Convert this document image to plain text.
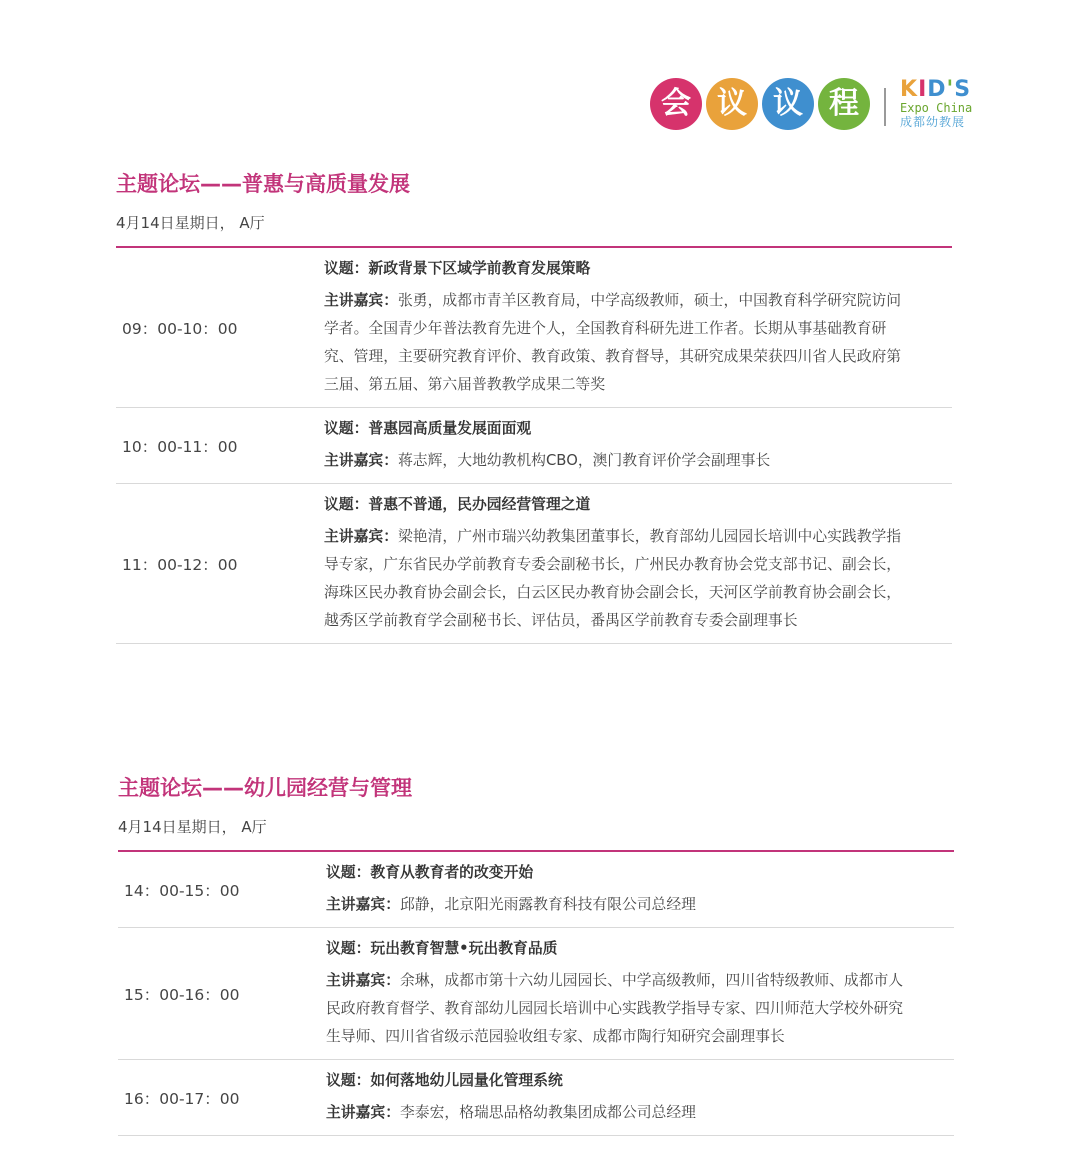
会 议 议 程	KID'S
Expo China
成都幼教展
主题论坛——普惠与高质量发展
4月14日星期日， A厅
09：00-10：00
议题：新政背景下区域学前教育发展策略
主讲嘉宾：张勇，成都市青羊区教育局，中学高级教师，硕士，中国教育科学研究院访问学者。全国青少年普法教育先进个人，全国教育科研先进工作者。长期从事基础教育研究、管理，主要研究教育评价、教育政策、教育督导，其研究成果荣获四川省人民政府第三届、第五届、第六届普教教学成果二等奖
10：00-11：00
议题：普惠园高质量发展面面观
主讲嘉宾：蒋志辉，大地幼教机构CBO，澳门教育评价学会副理事长
11：00-12：00
议题：普惠不普通，民办园经营管理之道
主讲嘉宾：梁艳清，广州市瑞兴幼教集团董事长，教育部幼儿园园长培训中心实践教学指导专家，广东省民办学前教育专委会副秘书长，广州民办教育协会党支部书记、副会长，海珠区民办教育协会副会长，白云区民办教育协会副会长，天河区学前教育协会副会长，越秀区学前教育学会副秘书长、评估员，番禺区学前教育专委会副理事长
主题论坛——幼儿园经营与管理
4月14日星期日， A厅
14：00-15：00
议题：教育从教育者的改变开始
主讲嘉宾：邱静，北京阳光雨露教育科技有限公司总经理
15：00-16：00
议题：玩出教育智慧•玩出教育品质
主讲嘉宾：余琳，成都市第十六幼儿园园长、中学高级教师，四川省特级教师、成都市人民政府教育督学、教育部幼儿园园长培训中心实践教学指导专家、四川师范大学校外研究生导师、四川省省级示范园验收组专家、成都市陶行知研究会副理事长
16：00-17：00
议题：如何落地幼儿园量化管理系统
主讲嘉宾：李泰宏，格瑞思品格幼教集团成都公司总经理
